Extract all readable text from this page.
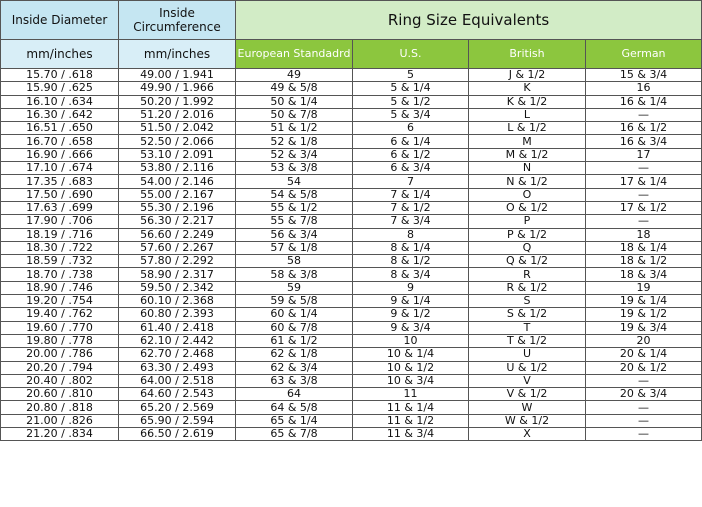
Inside Diameter	Inside Circumference	Ring Size Equivalents			
mm/inches	mm/inches	European Standadrd	U.S.	British	German
15.70 / .618	49.00 / 1.941	49	5	J & 1/2	15 & 3/4
15.90 / .625	49.90 / 1.966	49 & 5/8	5 & 1/4	K	16
16.10 / .634	50.20 / 1.992	50 & 1/4	5 & 1/2	K & 1/2	16 & 1/4
16.30 / .642	51.20 / 2.016	50 & 7/8	5 & 3/4	L	—
16.51 / .650	51.50 / 2.042	51 & 1/2	6	L & 1/2	16 & 1/2
16.70 / .658	52.50 / 2.066	52 & 1/8	6 & 1/4	M	16 & 3/4
16.90 / .666	53.10 / 2.091	52 & 3/4	6 & 1/2	M & 1/2	17
17.10 / .674	53.80 / 2.116	53 & 3/8	6 & 3/4	N	—
17.35 / .683	54.00 / 2.146	54	7	N & 1/2	17 & 1/4
17.50 / .690	55.00 / 2.167	54 & 5/8	7 & 1/4	O	—
17.63 / .699	55.30 / 2.196	55 & 1/2	7 & 1/2	O & 1/2	17 & 1/2
17.90 / .706	56.30 / 2.217	55 & 7/8	7 & 3/4	P	—
18.19 / .716	56.60 / 2.249	56 & 3/4	8	P & 1/2	18
18.30 / .722	57.60 / 2.267	57 & 1/8	8 & 1/4	Q	18 & 1/4
18.59 / .732	57.80 / 2.292	58	8 & 1/2	Q & 1/2	18 & 1/2
18.70 / .738	58.90 / 2.317	58 & 3/8	8 & 3/4	R	18 & 3/4
18.90 / .746	59.50 / 2.342	59	9	R & 1/2	19
19.20 / .754	60.10 / 2.368	59 & 5/8	9 & 1/4	S	19 & 1/4
19.40 / .762	60.80 / 2.393	60 & 1/4	9 & 1/2	S & 1/2	19 & 1/2
19.60 / .770	61.40 / 2.418	60 & 7/8	9 & 3/4	T	19 & 3/4
19.80 / .778	62.10 / 2.442	61 & 1/2	10	T & 1/2	20
20.00 / .786	62.70 / 2.468	62 & 1/8	10 & 1/4	U	20 & 1/4
20.20 / .794	63.30 / 2.493	62 & 3/4	10 & 1/2	U & 1/2	20 & 1/2
20.40 / .802	64.00 / 2.518	63 & 3/8	10 & 3/4	V	—
20.60 / .810	64.60 / 2.543	64	11	V & 1/2	20 & 3/4
20.80 / .818	65.20 / 2.569	64 & 5/8	11 & 1/4	W	—
21.00 / .826	65.90 / 2.594	65 & 1/4	11 & 1/2	W & 1/2	—
21.20 / .834	66.50 / 2.619	65 & 7/8	11 & 3/4	X	—
